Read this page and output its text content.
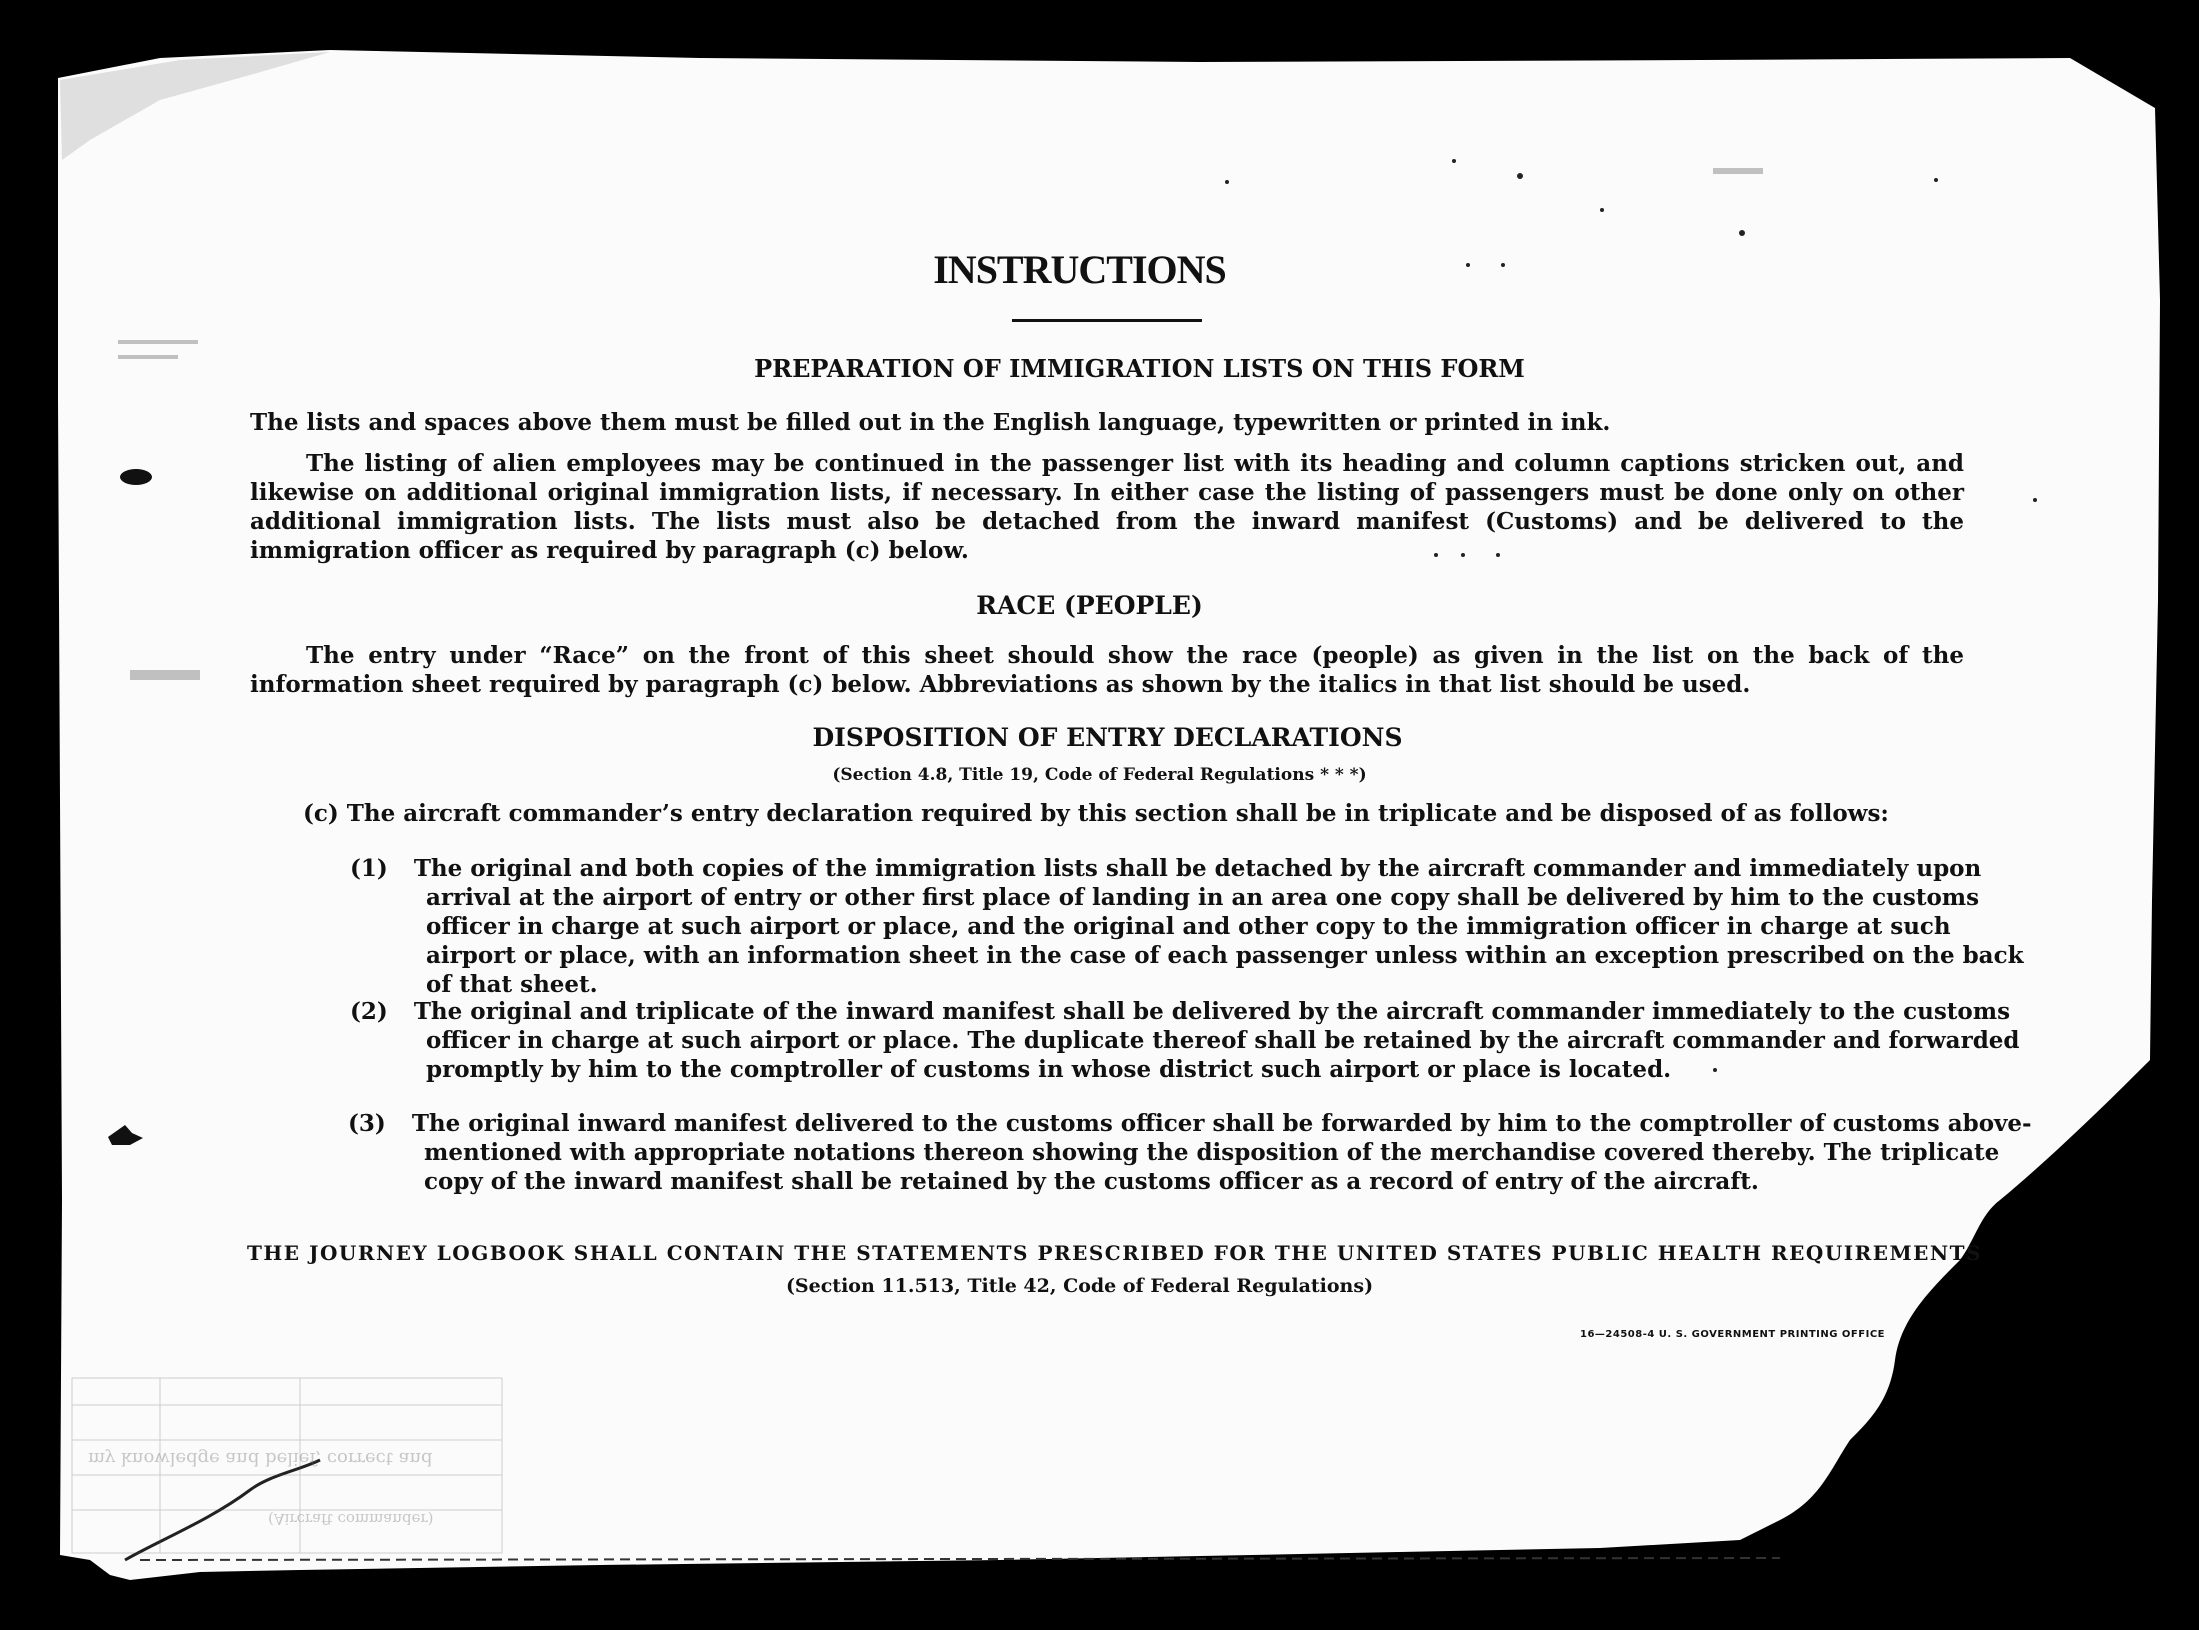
INSTRUCTIONS
PREPARATION OF IMMIGRATION LISTS ON THIS FORM
The lists and spaces above them must be filled out in the English language, typewritten or printed in ink.
The listing of alien employees may be continued in the passenger list with its heading and column captions stricken out, and likewise on additional original immigration lists, if necessary. In either case the listing of passengers must be done only on other additional immigration lists. The lists must also be detached from the inward manifest (Customs) and be delivered to the immigration officer as required by paragraph (c) below.
RACE (PEOPLE)
The entry under “Race” on the front of this sheet should show the race (people) as given in the list on the back of the information sheet required by paragraph (c) below. Abbreviations as shown by the italics in that list should be used.
DISPOSITION OF ENTRY DECLARATIONS
(Section 4.8, Title 19, Code of Federal Regulations * * *)
(c) The aircraft commander’s entry declaration required by this section shall be in triplicate and be disposed of as follows:
(1) The original and both copies of the immigration lists shall be detached by the aircraft commander and immediately upon arrival at the airport of entry or other first place of landing in an area one copy shall be delivered by him to the customs officer in charge at such airport or place, and the original and other copy to the immigration officer in charge at such airport or place, with an information sheet in the case of each passenger unless within an exception prescribed on the back of that sheet.
(2) The original and triplicate of the inward manifest shall be delivered by the aircraft commander immediately to the customs officer in charge at such airport or place. The duplicate thereof shall be retained by the aircraft commander and forwarded promptly by him to the comptroller of customs in whose district such airport or place is located.
(3) The original inward manifest delivered to the customs officer shall be forwarded by him to the comptroller of customs above-mentioned with appropriate notations thereon showing the disposition of the merchandise covered thereby. The triplicate copy of the inward manifest shall be retained by the customs officer as a record of entry of the aircraft.
THE JOURNEY LOGBOOK SHALL CONTAIN THE STATEMENTS PRESCRIBED FOR THE UNITED STATES PUBLIC HEALTH REQUIREMENTS
(Section 11.513, Title 42, Code of Federal Regulations)
16—24508-4 U. S. GOVERNMENT PRINTING OFFICE
my knowledge and belief, correct and
(Aircraft commander)
